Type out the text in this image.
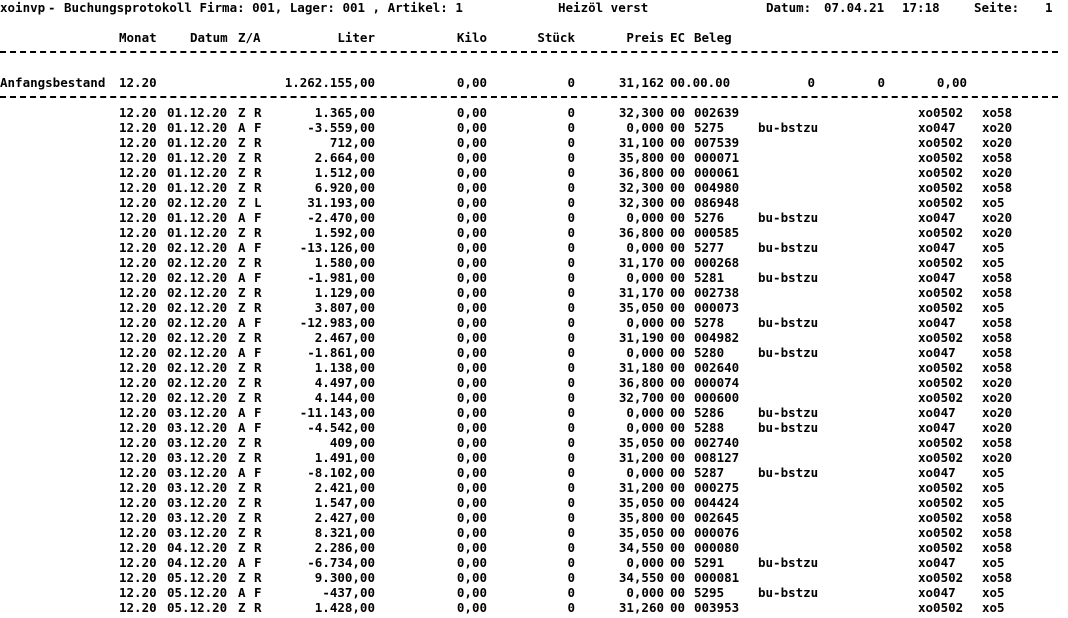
xoinvp - Buchungsprotokoll Firma: 001, Lager: 001 , Artikel: 1	Heizöl verst	Datum: 07.04.21 17:18	Seite: 1
Monat	Datum Z/A	Liter	Kilo	Stück	Preis EC Beleg
Anfangsbestand 12.20	1.262.155,00	0,00	0	31,162 00.00.00	0	0	0,00
12.20 01.12.20 Z R	1.365,00	0,00	0	32,300 00 002639	xo0502 xo58
12.20 01.12.20 A F	-3.559,00	0,00	0	0,000 00 5275	bu-bstzu	xo047 xo20
12.20 01.12.20 Z R	712,00	0,00	0	31,100 00 007539	xo0502 xo20
12.20 01.12.20 Z R	2.664,00	0,00	0	35,800 00 000071	xo0502 xo58
12.20 01.12.20 Z R	1.512,00	0,00	0	36,800 00 000061	xo0502 xo20
12.20 01.12.20 Z R	6.920,00	0,00	0	32,300 00 004980	xo0502 xo58
12.20 02.12.20 Z L	31.193,00	0,00	0	32,300 00 086948	xo0502 xo5
12.20 01.12.20 A F	-2.470,00	0,00	0	0,000 00 5276	bu-bstzu	xo047 xo20
12.20 01.12.20 Z R	1.592,00	0,00	0	36,800 00 000585	xo0502 xo20
12.20 02.12.20 A F	-13.126,00	0,00	0	0,000 00 5277	bu-bstzu	xo047 xo5
12.20 02.12.20 Z R	1.580,00	0,00	0	31,170 00 000268	xo0502 xo5
12.20 02.12.20 A F	-1.981,00	0,00	0	0,000 00 5281	bu-bstzu	xo047 xo58
12.20 02.12.20 Z R	1.129,00	0,00	0	31,170 00 002738	xo0502 xo58
12.20 02.12.20 Z R	3.807,00	0,00	0	35,050 00 000073	xo0502 xo5
12.20 02.12.20 A F	-12.983,00	0,00	0	0,000 00 5278	bu-bstzu	xo047 xo58
12.20 02.12.20 Z R	2.467,00	0,00	0	31,190 00 004982	xo0502 xo58
12.20 02.12.20 A F	-1.861,00	0,00	0	0,000 00 5280	bu-bstzu	xo047 xo58
12.20 02.12.20 Z R	1.138,00	0,00	0	31,180 00 002640	xo0502 xo58
12.20 02.12.20 Z R	4.497,00	0,00	0	36,800 00 000074	xo0502 xo20
12.20 02.12.20 Z R	4.144,00	0,00	0	32,700 00 000600	xo0502 xo20
12.20 03.12.20 A F	-11.143,00	0,00	0	0,000 00 5286	bu-bstzu	xo047 xo20
12.20 03.12.20 A F	-4.542,00	0,00	0	0,000 00 5288	bu-bstzu	xo047 xo20
12.20 03.12.20 Z R	409,00	0,00	0	35,050 00 002740	xo0502 xo58
12.20 03.12.20 Z R	1.491,00	0,00	0	31,200 00 008127	xo0502 xo20
12.20 03.12.20 A F	-8.102,00	0,00	0	0,000 00 5287	bu-bstzu	xo047 xo5
12.20 03.12.20 Z R	2.421,00	0,00	0	31,200 00 000275	xo0502 xo5
12.20 03.12.20 Z R	1.547,00	0,00	0	35,050 00 004424	xo0502 xo5
12.20 03.12.20 Z R	2.427,00	0,00	0	35,800 00 002645	xo0502 xo58
12.20 03.12.20 Z R	8.321,00	0,00	0	35,050 00 000076	xo0502 xo58
12.20 04.12.20 Z R	2.286,00	0,00	0	34,550 00 000080	xo0502 xo58
12.20 04.12.20 A F	-6.734,00	0,00	0	0,000 00 5291	bu-bstzu	xo047 xo5
12.20 05.12.20 Z R	9.300,00	0,00	0	34,550 00 000081	xo0502 xo58
12.20 05.12.20 A F	-437,00	0,00	0	0,000 00 5295	bu-bstzu	xo047 xo5
12.20 05.12.20 Z R	1.428,00	0,00	0	31,260 00 003953	xo0502 xo5
